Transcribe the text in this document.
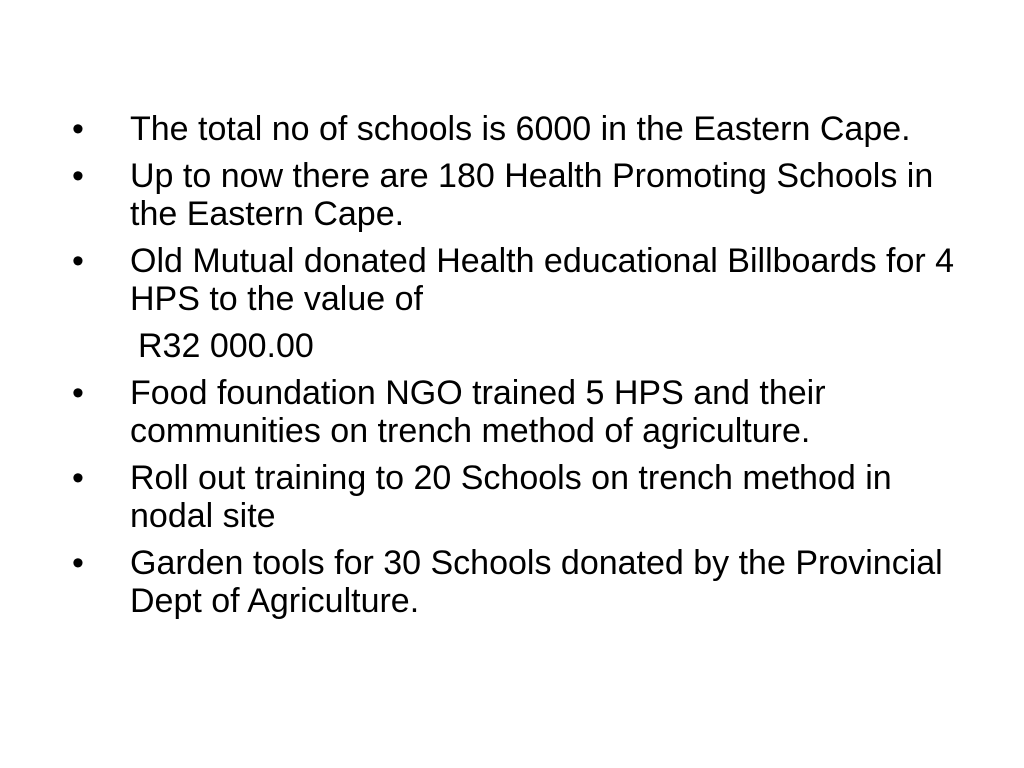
•	The total no of schools is 6000 in the Eastern Cape.
•	Up to now there are 180 Health Promoting Schools in the Eastern Cape.
•	Old Mutual donated Health educational Billboards for 4 HPS to the value of
R32 000.00
•	Food foundation NGO trained 5 HPS and their communities on trench method of agriculture.
•	Roll out training to 20 Schools on trench method in nodal site
•	Garden tools for 30 Schools donated by the Provincial Dept of Agriculture.
